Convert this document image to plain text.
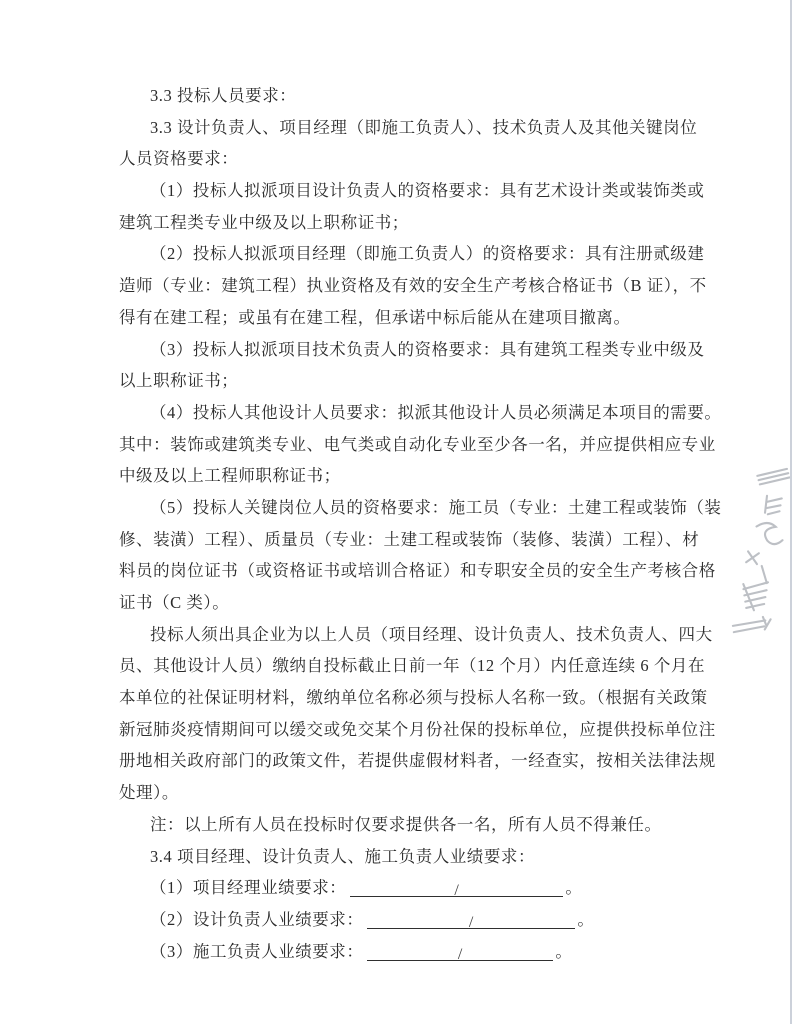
3.3 投标人员要求：
3.3 设计负责人、项目经理（即施工负责人）、技术负责人及其他关键岗位
人员资格要求：
（1）投标人拟派项目设计负责人的资格要求：具有艺术设计类或装饰类或
建筑工程类专业中级及以上职称证书；
（2）投标人拟派项目经理（即施工负责人）的资格要求：具有注册贰级建
造师（专业：建筑工程）执业资格及有效的安全生产考核合格证书（B 证），不
得有在建工程；或虽有在建工程，但承诺中标后能从在建项目撤离。
（3）投标人拟派项目技术负责人的资格要求：具有建筑工程类专业中级及
以上职称证书；
（4）投标人其他设计人员要求：拟派其他设计人员必须满足本项目的需要。
其中：装饰或建筑类专业、电气类或自动化专业至少各一名，并应提供相应专业
中级及以上工程师职称证书；
（5）投标人关键岗位人员的资格要求：施工员（专业：土建工程或装饰（装
修、装潢）工程）、质量员（专业：土建工程或装饰（装修、装潢）工程）、材
料员的岗位证书（或资格证书或培训合格证）和专职安全员的安全生产考核合格
证书（C 类）。
投标人须出具企业为以上人员（项目经理、设计负责人、技术负责人、四大
员、其他设计人员）缴纳自投标截止日前一年（12 个月）内任意连续 6 个月在
本单位的社保证明材料，缴纳单位名称必须与投标人名称一致。（根据有关政策
新冠肺炎疫情期间可以缓交或免交某个月份社保的投标单位，应提供投标单位注
册地相关政府部门的政策文件，若提供虚假材料者，一经查实，按相关法律法规
处理）。
注：以上所有人员在投标时仅要求提供各一名，所有人员不得兼任。
3.4 项目经理、设计负责人、施工负责人业绩要求：
（1）项目经理业绩要求：	/	。
（2）设计负责人业绩要求：	/	。
（3）施工负责人业绩要求：	/	。
